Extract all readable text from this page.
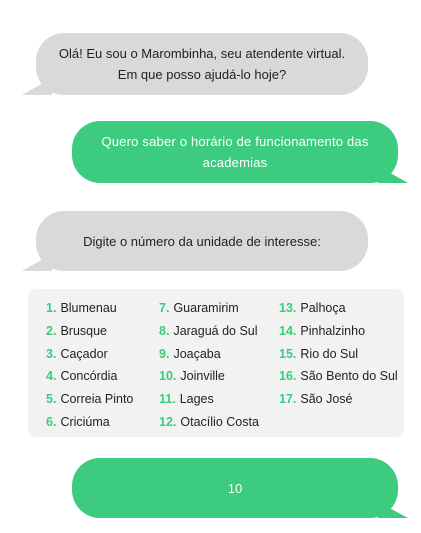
Olá! Eu sou o Marombinha, seu atendente virtual.
Em que posso ajudá-lo hoje?
Quero saber o horário de funcionamento das
academias
Digite o número da unidade de interesse:
1. Blumenau
2. Brusque
3. Caçador
4. Concórdia
5. Correia Pinto
6. Criciúma
7. Guaramirim
8. Jaraguá do Sul
9. Joaçaba
10. Joinville
11. Lages
12. Otacílio Costa
13. Palhoça
14. Pinhalzinho
15. Rio do Sul
16. São Bento do Sul
17. São José
10
